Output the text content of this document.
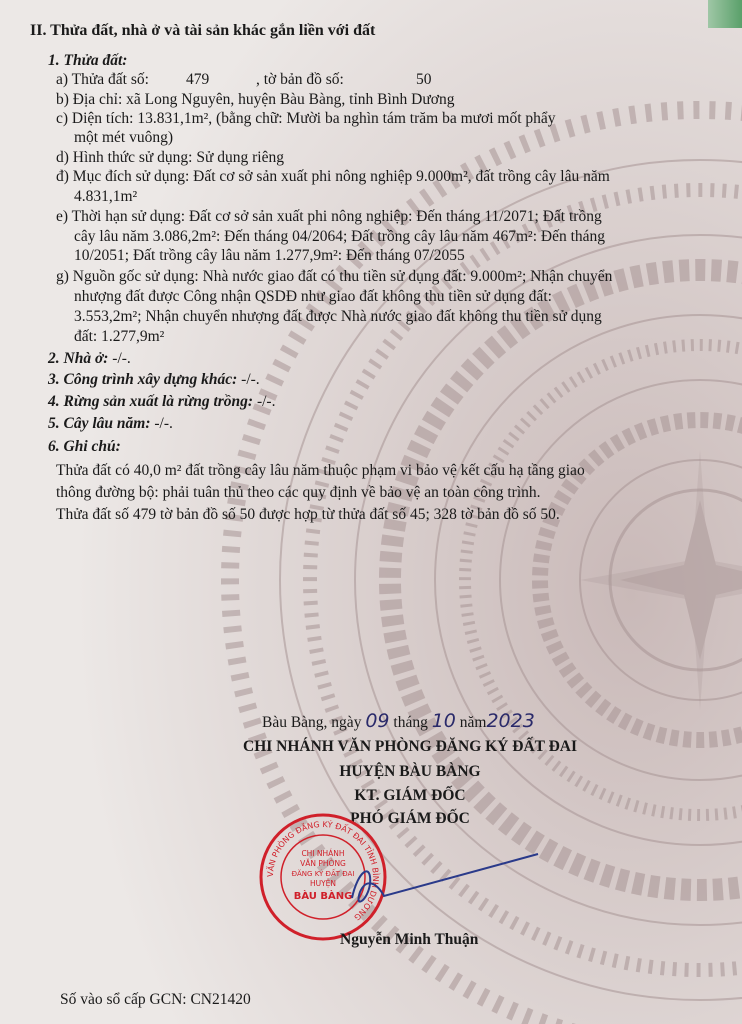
II. Thửa đất, nhà ở và tài sản khác gắn liền với đất
1. Thửa đất:
a) Thửa đất số: 479	, tờ bản đồ số:	50
b) Địa chỉ: xã Long Nguyên, huyện Bàu Bàng, tỉnh Bình Dương
c) Diện tích: 13.831,1m², (bằng chữ: Mười ba nghìn tám trăm ba mươi mốt phẩy
một mét vuông)
d) Hình thức sử dụng: Sử dụng riêng
đ) Mục đích sử dụng: Đất cơ sở sản xuất phi nông nghiệp 9.000m², đất trồng cây lâu năm
4.831,1m²
e) Thời hạn sử dụng: Đất cơ sở sản xuất phi nông nghiệp: Đến tháng 11/2071; Đất trồng
cây lâu năm 3.086,2m²: Đến tháng 04/2064; Đất trồng cây lâu năm 467m²: Đến tháng
10/2051; Đất trồng cây lâu năm 1.277,9m²: Đến tháng 07/2055
g) Nguồn gốc sử dụng: Nhà nước giao đất có thu tiền sử dụng đất: 9.000m²; Nhận chuyển
nhượng đất được Công nhận QSDĐ như giao đất không thu tiền sử dụng đất:
3.553,2m²; Nhận chuyển nhượng đất được Nhà nước giao đất không thu tiền sử dụng
đất: 1.277,9m²
2. Nhà ở: -/-.
3. Công trình xây dựng khác: -/-.
4. Rừng sản xuất là rừng trồng: -/-.
5. Cây lâu năm: -/-.
6. Ghi chú:
Thửa đất có 40,0 m² đất trồng cây lâu năm thuộc phạm vi bảo vệ kết cấu hạ tầng giao
thông đường bộ: phải tuân thủ theo các quy định về bảo vệ an toàn công trình.
Thửa đất số 479 tờ bản đồ số 50 được hợp từ thửa đất số 45; 328 tờ bản đồ số 50.
Bàu Bàng, ngày 09 tháng 10 năm2023
CHI NHÁNH VĂN PHÒNG ĐĂNG KÝ ĐẤT ĐAI
HUYỆN BÀU BÀNG
KT. GIÁM ĐỐC
PHÓ GIÁM ĐỐC
VĂN PHÒNG ĐĂNG KÝ ĐẤT ĐAI TỈNH BÌNH DƯƠNG
CHI NHÁNH
VĂN PHÒNG
ĐĂNG KÝ ĐẤT ĐAI
HUYỆN
BÀU BÀNG
Nguyễn Minh Thuận
Số vào sổ cấp GCN: CN21420
